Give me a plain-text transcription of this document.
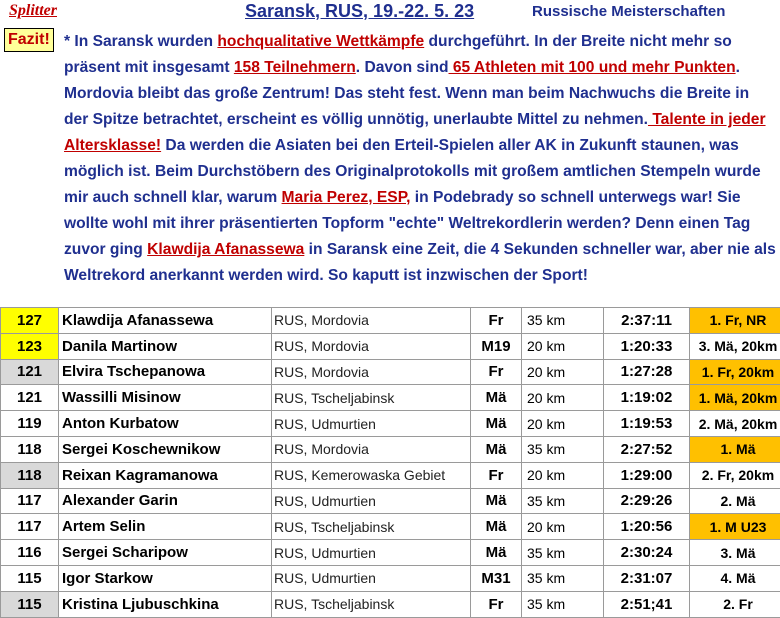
Splitter	Saransk, RUS, 19.-22. 5. 23	Russische Meisterschaften
Fazit! * In Saransk wurden hochqualitative Wettkämpfe durchgeführt. In der Breite nicht mehr so präsent mit insgesamt 158 Teilnehmern. Davon sind 65 Athleten mit 100 und mehr Punkten. Mordovia bleibt das große Zentrum! Das steht fest. Wenn man beim Nachwuchs die Breite in der Spitze betrachtet, erscheint es völlig unnötig, unerlaubte Mittel zu nehmen. Talente in jeder Altersklasse! Da werden die Asiaten bei den Erteil-Spielen aller AK in Zukunft staunen, was möglich ist. Beim Durchstöbern des Originalprotokolls mit großem amtlichen Stempeln wurde mir auch schnell klar, warum Maria Perez, ESP, in Podebrady so schnell unterwegs war! Sie wollte wohl mit ihrer präsentierten Topform "echte" Weltrekordlerin werden? Denn einen Tag zuvor ging Klawdija Afanassewa in Saransk eine Zeit, die 4 Sekunden schneller war, aber nie als Weltrekord anerkannt werden wird. So kaputt ist inzwischen der Sport!
127	Klawdija Afanassewa	RUS, Mordovia	Fr	35 km	2:37:11	1. Fr, NR
123	Danila Martinow	RUS, Mordovia	M19	20 km	1:20:33	3. Mä, 20km
121	Elvira Tschepanowa	RUS, Mordovia	Fr	20 km	1:27:28	1. Fr, 20km
121	Wassilli Misinow	RUS, Tscheljabinsk	Mä	20 km	1:19:02	1. Mä, 20km
119	Anton Kurbatow	RUS, Udmurtien	Mä	20 km	1:19:53	2. Mä, 20km
118	Sergei Koschewnikow	RUS, Mordovia	Mä	35 km	2:27:52	1. Mä
118	Reixan Kagramanowa	RUS, Kemerowaska Gebiet	Fr	20 km	1:29:00	2. Fr, 20km
117	Alexander Garin	RUS, Udmurtien	Mä	35 km	2:29:26	2. Mä
117	Artem Selin	RUS, Tscheljabinsk	Mä	20 km	1:20:56	1. M U23
116	Sergei Scharipow	RUS, Udmurtien	Mä	35 km	2:30:24	3. Mä
115	Igor Starkow	RUS, Udmurtien	M31	35 km	2:31:07	4. Mä
115	Kristina Ljubuschkina	RUS, Tscheljabinsk	Fr	35 km	2:51;41	2. Fr
